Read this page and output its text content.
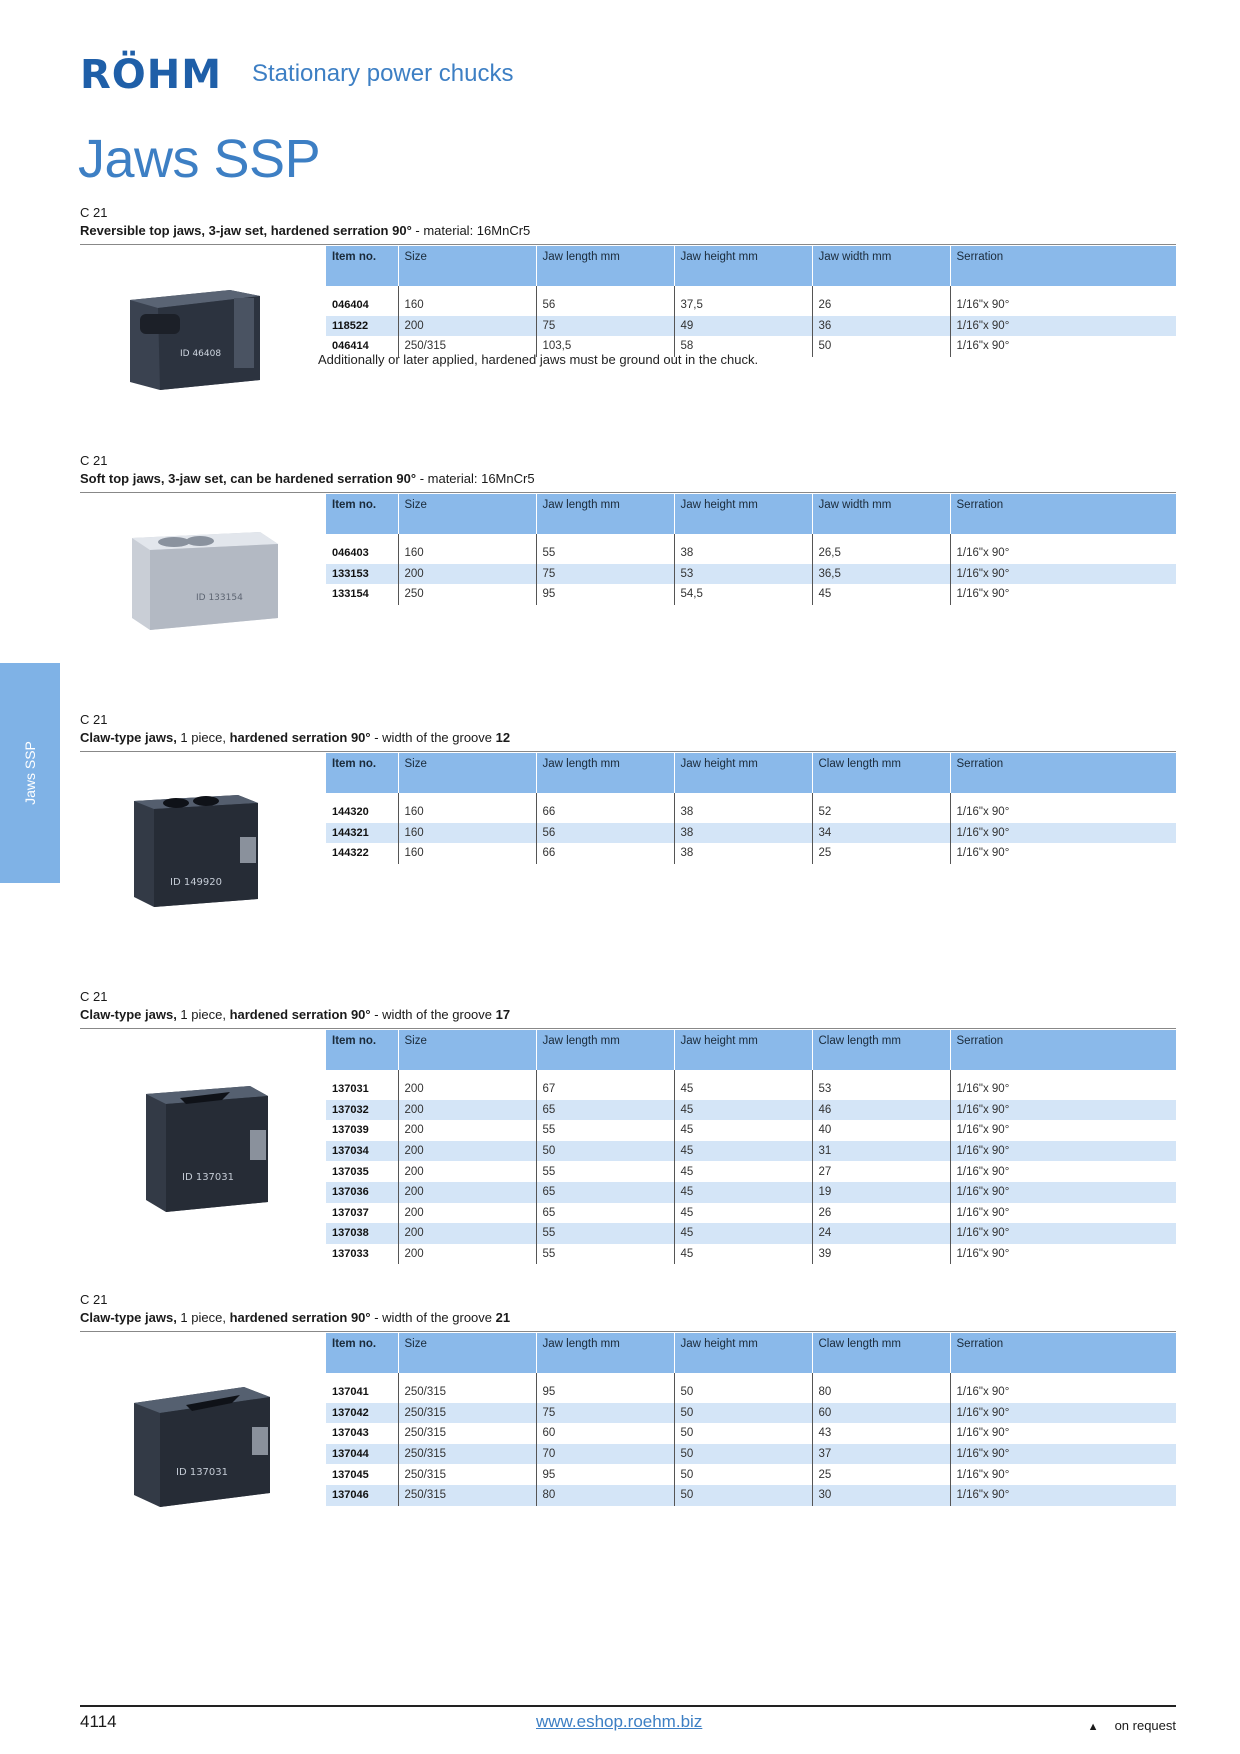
RÖHM Stationary power chucks
Jaws SSP
Jaws SSP
C 21
Reversible top jaws, 3-jaw set, hardened serration 90° - material: 16MnCr5
ID 46408
Item no.	Size	Jaw length mm	Jaw height mm	Jaw width mm	Serration

046404	160	56	37,5	26	1/16"x 90°
118522	200	75	49	36	1/16"x 90°
046414	250/315	103,5	58	50	1/16"x 90°
Additionally or later applied, hardened jaws must be ground out in the chuck.
C 21
Soft top jaws, 3-jaw set, can be hardened serration 90° - material: 16MnCr5
ID 133154
Item no.	Size	Jaw length mm	Jaw height mm	Jaw width mm	Serration

046403	160	55	38	26,5	1/16"x 90°
133153	200	75	53	36,5	1/16"x 90°
133154	250	95	54,5	45	1/16"x 90°
C 21
Claw-type jaws, 1 piece, hardened serration 90° - width of the groove 12
ID 149920
Item no.	Size	Jaw length mm	Jaw height mm	Claw length mm	Serration

144320	160	66	38	52	1/16"x 90°
144321	160	56	38	34	1/16"x 90°
144322	160	66	38	25	1/16"x 90°
C 21
Claw-type jaws, 1 piece, hardened serration 90° - width of the groove 17
ID 137031
Item no.	Size	Jaw length mm	Jaw height mm	Claw length mm	Serration

137031	200	67	45	53	1/16"x 90°
137032	200	65	45	46	1/16"x 90°
137039	200	55	45	40	1/16"x 90°
137034	200	50	45	31	1/16"x 90°
137035	200	55	45	27	1/16"x 90°
137036	200	65	45	19	1/16"x 90°
137037	200	65	45	26	1/16"x 90°
137038	200	55	45	24	1/16"x 90°
137033	200	55	45	39	1/16"x 90°
C 21
Claw-type jaws, 1 piece, hardened serration 90° - width of the groove 21
ID 137031
Item no.	Size	Jaw length mm	Jaw height mm	Claw length mm	Serration

137041	250/315	95	50	80	1/16"x 90°
137042	250/315	75	50	60	1/16"x 90°
137043	250/315	60	50	43	1/16"x 90°
137044	250/315	70	50	37	1/16"x 90°
137045	250/315	95	50	25	1/16"x 90°
137046	250/315	80	50	30	1/16"x 90°
4114	www.eshop.roehm.biz	▲ on request
